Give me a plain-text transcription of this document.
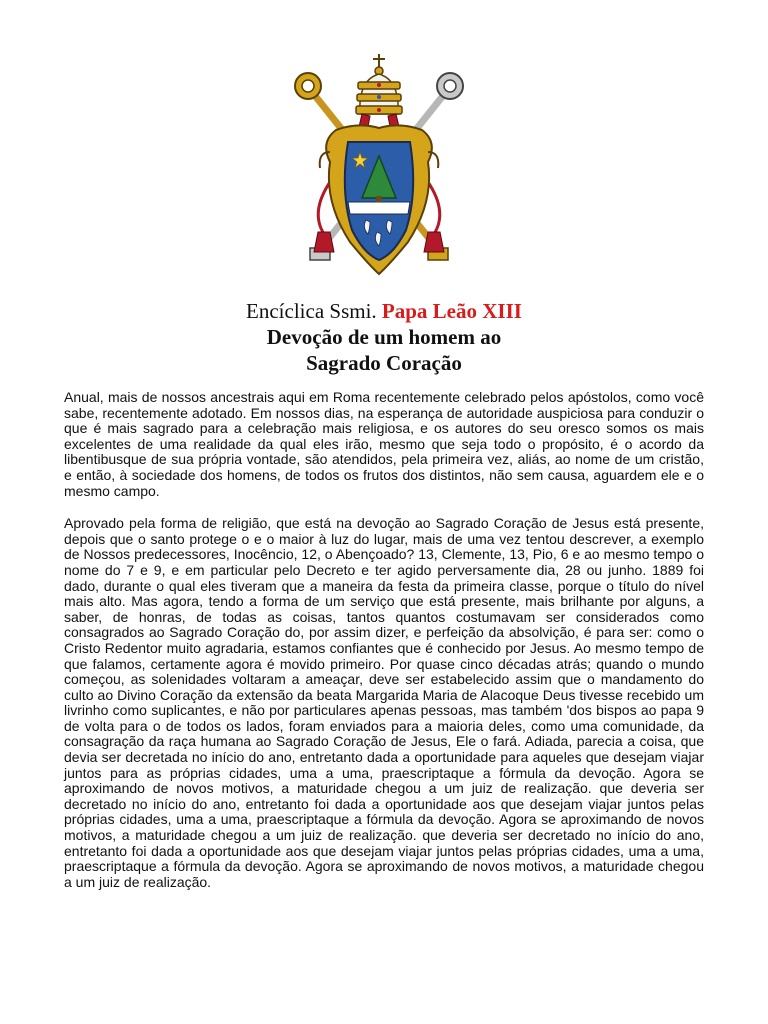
Encíclica Ssmi. Papa Leão XIII
Devoção de um homem ao
Sagrado Coração

Anual, mais de nossos ancestrais aqui em Roma recentemente celebrado pelos apóstolos, como você sabe, recentemente adotado. Em nossos dias, na esperança de autoridade auspiciosa para conduzir o que é mais sagrado para a celebração mais religiosa, e os autores do seu oresco somos os mais excelentes de uma realidade da qual eles irão, mesmo que seja todo o propósito, é o acordo da libentibusque de sua própria vontade, são atendidos, pela primeira vez, aliás, ao nome de um cristão, e então, à sociedade dos homens, de todos os frutos dos distintos, não sem causa, aguardem ele e o mesmo campo.

Aprovado pela forma de religião, que está na devoção ao Sagrado Coração de Jesus está presente, depois que o santo protege o e o maior à luz do lugar, mais de uma vez tentou descrever, a exemplo de Nossos predecessores, Inocêncio, 12, o Abençoado? 13, Clemente, 13, Pio, 6 e ao mesmo tempo o nome do 7 e 9, e em particular pelo Decreto e ter agido perversamente dia, 28 ou junho. 1889 foi dado, durante o qual eles tiveram que a maneira da festa da primeira classe, porque o título do nível mais alto. Mas agora, tendo a forma de um serviço que está presente, mais brilhante por alguns, a saber, de honras, de todas as coisas, tantos quantos costumavam ser considerados como consagrados ao Sagrado Coração do, por assim dizer, e perfeição da absolvição, é para ser: como o Cristo Redentor muito agradaria, estamos confiantes que é conhecido por Jesus. Ao mesmo tempo de que falamos, certamente agora é movido primeiro. Por quase cinco décadas atrás; quando o mundo começou, as solenidades voltaram a ameaçar, deve ser estabelecido assim que o mandamento do culto ao Divino Coração da extensão da beata Margarida Maria de Alacoque Deus tivesse recebido um livrinho como suplicantes, e não por particulares apenas pessoas, mas também 'dos bispos ao papa 9 de volta para o de todos os lados, foram enviados para a maioria deles, como uma comunidade, da consagração da raça humana ao Sagrado Coração de Jesus, Ele o fará. Adiada, parecia a coisa, que devia ser decretada no início do ano, entretanto dada a oportunidade para aqueles que desejam viajar juntos para as próprias cidades, uma a uma, praescriptaque a fórmula da devoção. Agora se aproximando de novos motivos, a maturidade chegou a um juiz de realização. que deveria ser decretado no início do ano, entretanto foi dada a oportunidade aos que desejam viajar juntos pelas próprias cidades, uma a uma, praescriptaque a fórmula da devoção. Agora se aproximando de novos motivos, a maturidade chegou a um juiz de realização. que deveria ser decretado no início do ano, entretanto foi dada a oportunidade aos que desejam viajar juntos pelas próprias cidades, uma a uma, praescriptaque a fórmula da devoção. Agora se aproximando de novos motivos, a maturidade chegou a um juiz de realização.
